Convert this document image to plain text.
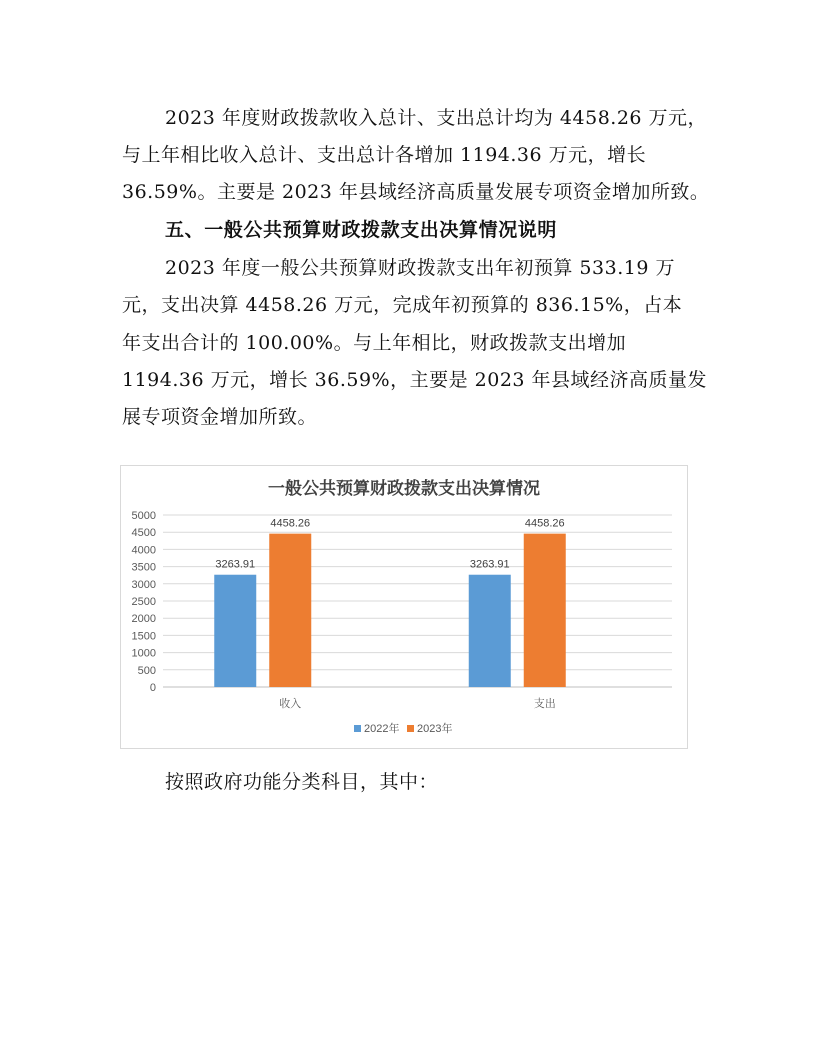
2023 年度财政拨款收入总计、支出总计均为 4458.26 万元，
与上年相比收入总计、支出总计各增加 1194.36 万元，增长
36.59%。主要是 2023 年县域经济高质量发展专项资金增加所致。
五、一般公共预算财政拨款支出决算情况说明
2023 年度一般公共预算财政拨款支出年初预算 533.19 万
元，支出决算 4458.26 万元，完成年初预算的 836.15%，占本
年支出合计的 100.00%。与上年相比，财政拨款支出增加
1194.36 万元，增长 36.59%，主要是 2023 年县域经济高质量发
展专项资金增加所致。
一般公共预算财政拨款支出决算情况
0
500
1000
1500
2000
2500
3000
3500
4000
4500
5000
3263.91
4458.26
3263.91
4458.26
收入	支出
2022年 2023年
按照政府功能分类科目，其中：
